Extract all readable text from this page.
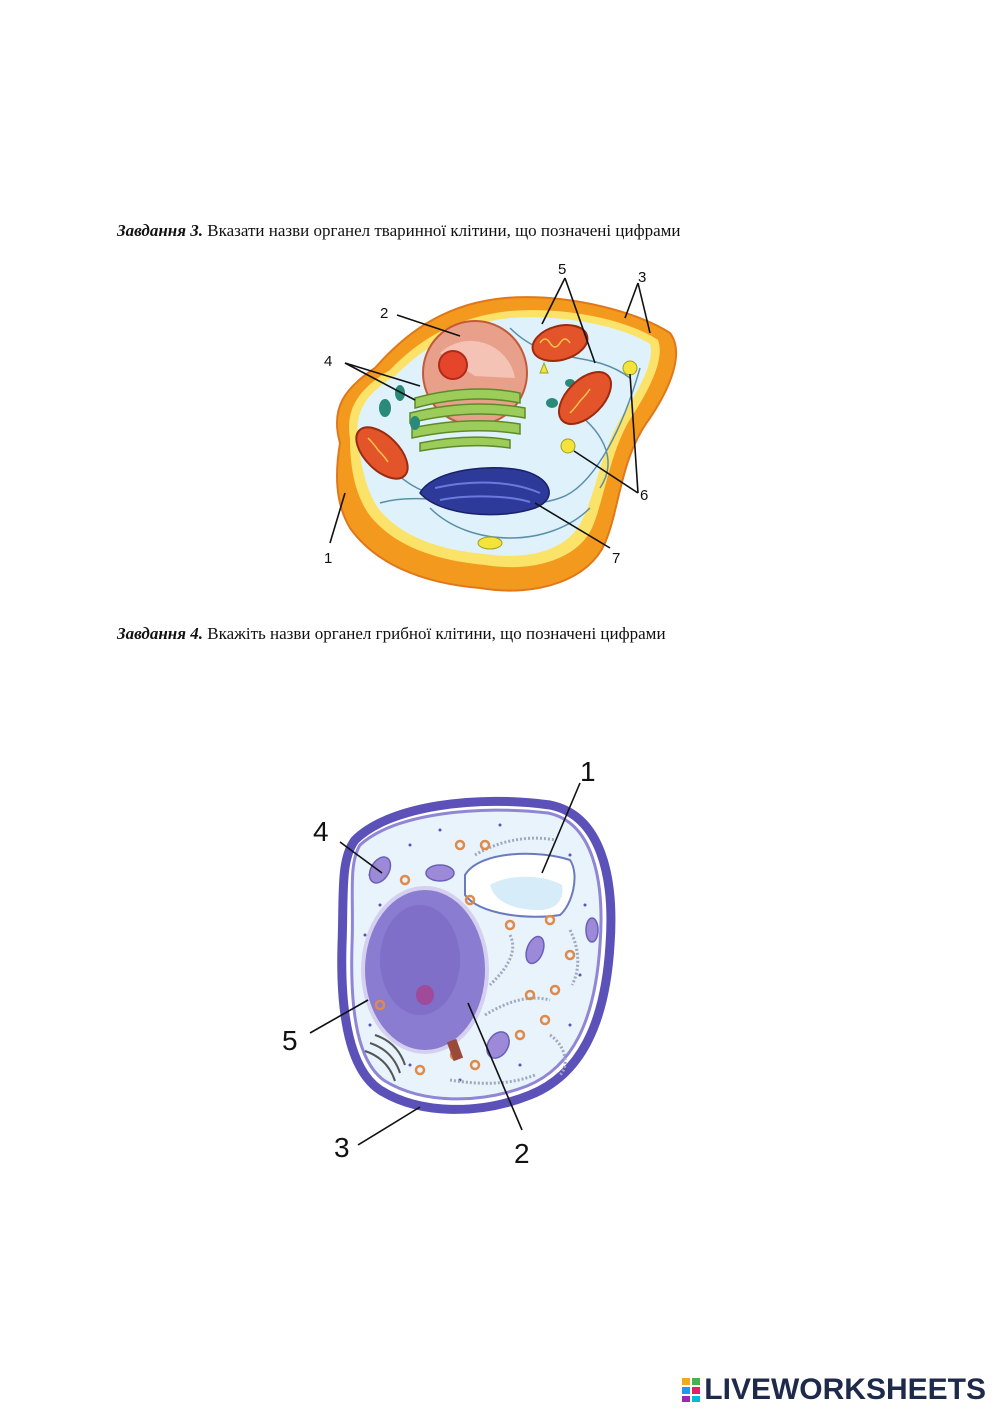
Завдання 3. Вказати назви органел тваринної клітини, що позначені цифрами
1
2
3
4
5
6
7
Завдання 4. Вкажіть назви органел грибної клітини, що позначені цифрами
1
2
3
4
5
LIVEWORKSHEETS
